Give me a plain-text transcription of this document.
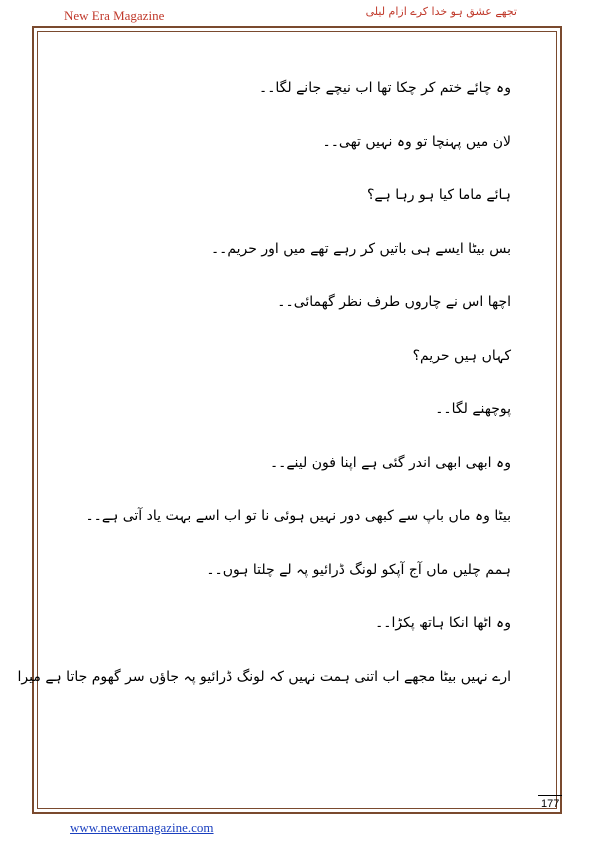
New Era Magazine	تجھے عشق ہو خدا کرے ازام لیلی
وہ چائے ختم کر چکا تھا اب نیچے جانے لگا۔۔
لان میں پہنچا تو وہ نہیں تھی۔۔
ہائے ماما کیا ہو رہا ہے؟
بس بیٹا ایسے ہی باتیں کر رہے تھے میں اور حریم۔۔
اچھا اس نے چاروں طرف نظر گھمائی۔۔
کہاں ہیں حریم؟
پوچھنے لگا۔۔
وہ ابھی ابھی اندر گئی ہے اپنا فون لینے۔۔
بیٹا وہ ماں باپ سے کبھی دور نہیں ہوئی نا تو اب اسے بہت یاد آتی ہے۔۔
ہمم چلیں ماں آج آپکو لونگ ڈرائیو پہ لے چلتا ہوں۔۔
وہ اٹھا انکا ہاتھ پکڑا۔۔
ارے نہیں بیٹا مجھے اب اتنی ہمت نہیں کہ لونگ ڈرائیو پہ جاؤں سر گھوم جاتا ہے میرا
177
www.neweramagazine.com
